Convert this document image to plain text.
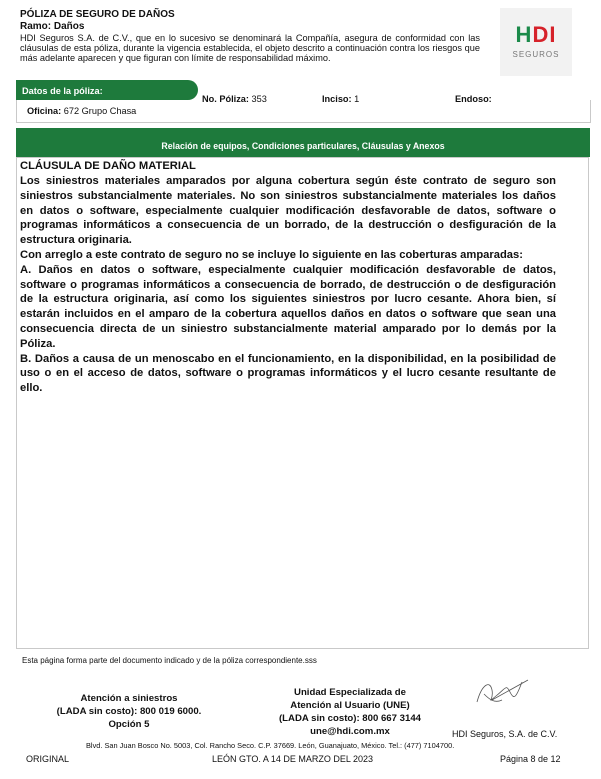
PÓLIZA DE SEGURO DE DAÑOS
Ramo: Daños
HDI Seguros S.A. de C.V., que en lo sucesivo se denominará la Compañía, asegura de conformidad con las cláusulas de esta póliza, durante la vigencia establecida, el objeto descrito a continuación contra los riesgos que más adelante aparecen y que figuran con límite de responsabilidad máximo.
HDI
SEGUROS
Datos de la póliza:
No. Póliza: 353	Inciso: 1	Endoso:
Oficina: 672 Grupo Chasa
Relación de equipos, Condiciones particulares, Cláusulas y Anexos
CLÁUSULA DE DAÑO MATERIAL

Los siniestros materiales amparados por alguna cobertura según éste contrato de seguro son siniestros substancialmente materiales. No son siniestros substancialmente materiales los daños en datos o software, especialmente cualquier modificación desfavorable de datos, software o programas informáticos a consecuencia de un borrado, de la destrucción o desfiguración de la estructura originaria.

Con arreglo a este contrato de seguro no se incluye lo siguiente en las coberturas amparadas:

A. Daños en datos o software, especialmente cualquier modificación desfavorable de datos, software o programas informáticos a consecuencia de borrado, de destrucción o de desfiguración de la estructura originaria, así como los siguientes siniestros por lucro cesante. Ahora bien, sí estarán incluidos en el amparo de la cobertura aquellos daños en datos o software que sean una consecuencia directa de un siniestro substancialmente material amparado por lo demás por la Póliza.

B. Daños a causa de un menoscabo en el funcionamiento, en la disponibilidad, en la posibilidad de uso o en el acceso de datos, software o programas informáticos y el lucro cesante resultante de ello.

Esta página forma parte del documento indicado y de la póliza correspondiente.sss
Atención a siniestros
(LADA sin costo): 800 019 6000.
Opción 5
Unidad Especializada de
Atención al Usuario (UNE)
(LADA sin costo): 800 667 3144
une@hdi.com.mx	HDI Seguros, S.A. de C.V.
Blvd. San Juan Bosco No. 5003, Col. Rancho Seco. C.P. 37669. León, Guanajuato, México. Tel.: (477) 7104700.
ORIGINAL	LEÓN GTO. A 14 DE MARZO DEL 2023	Página 8 de 12
